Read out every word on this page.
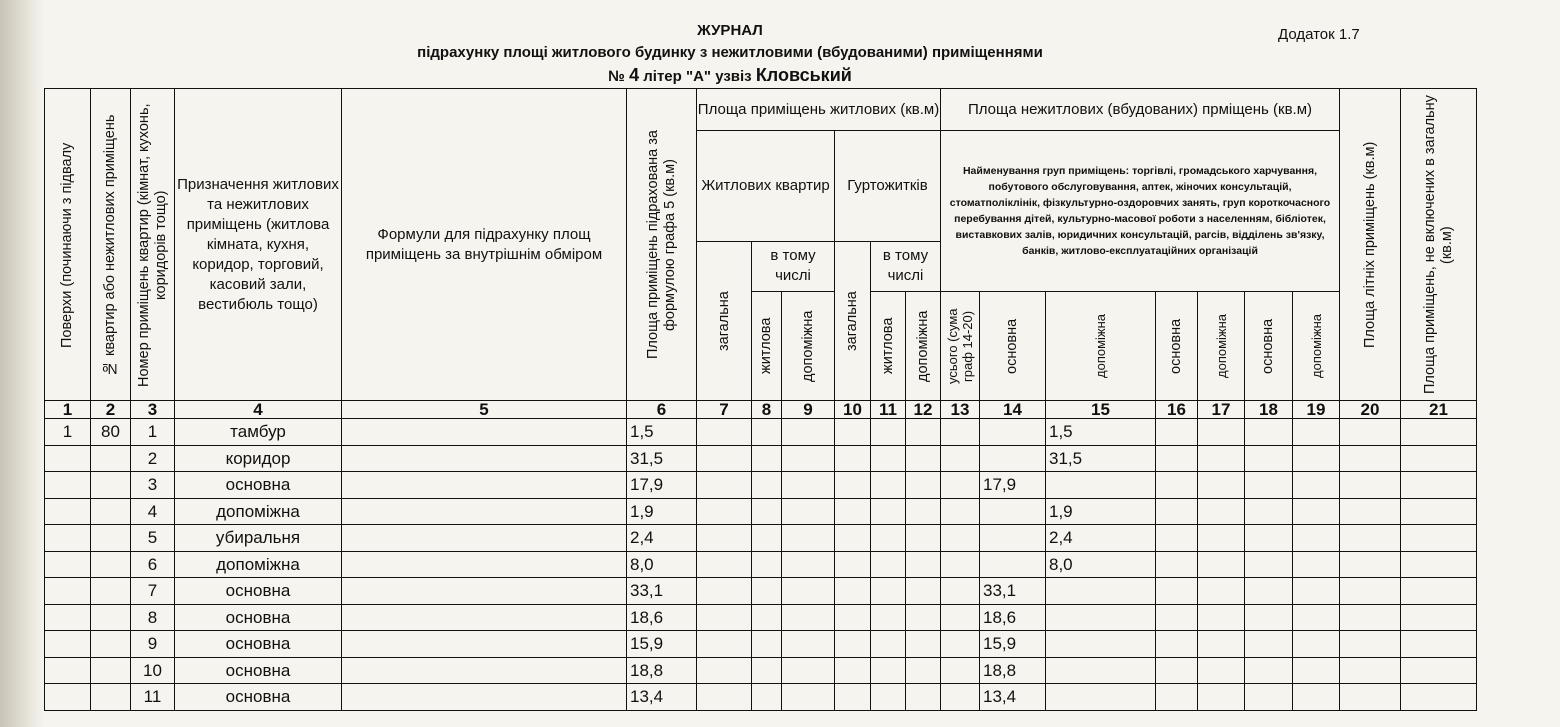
ЖУРНАЛ
підрахунку площі житлового будинку з нежитловими (вбудованими) приміщеннями
№ 4 літер "А" узвіз Кловський
Додаток 1.7
Поверхи (починаючи з підвалу	№ квартир або нежитлових приміщень	Номер приміщень квартир (кімнат, кухонь, коридорів тощо)	Призначення житлових та нежитлових приміщень (житлова кімната, кухня, коридор, торговий, касовий зали, вестибюль тощо)	Формули для підрахунку площ приміщень за внутрішнім обміром	Площа приміщень підрахована за формулою графа 5 (кв.м)	Площа приміщень житлових (кв.м)						Площа нежитлових (вбудованих) прміщень (кв.м)							Площа літніх приміщень (кв.м)	Площа приміщень, не включених в загальну (кв.м)

						Житлових квартир			Гуртожитків			Найменування груп приміщень: торгівлі, громадського харчування, побутового обслуговування, аптек, жіночих консультацій, стоматполіклінік, фізкультурно-оздоровчих занять, груп короткочасного перебування дітей, культурно-масової роботи з населенням, бібліотек, виставкових залів, юридичних консультацій, рагсів, відділень зв'язку, банків, житлово-експлуатаційних організацій								

						загальна	в тому числі		загальна	в тому числі										

							житлова	допоміжна		житлова	допоміжна	усього (сума граф 14-20)	основна	допоміжна	основна	допоміжна	основна	допоміжна		

1	2	3	4	5	6	7	8	9	10	11	12	13	14	15	16	17	18	19	20	21
1	80	1	тамбур		1,5									1,5						
		2	коридор		31,5									31,5						
		3	основна		17,9								17,9							
		4	допоміжна		1,9									1,9						
		5	убиральня		2,4									2,4						
		6	допоміжна		8,0									8,0						
		7	основна		33,1								33,1							
		8	основна		18,6								18,6							
		9	основна		15,9								15,9							
		10	основна		18,8								18,8							
		11	основна		13,4								13,4							
